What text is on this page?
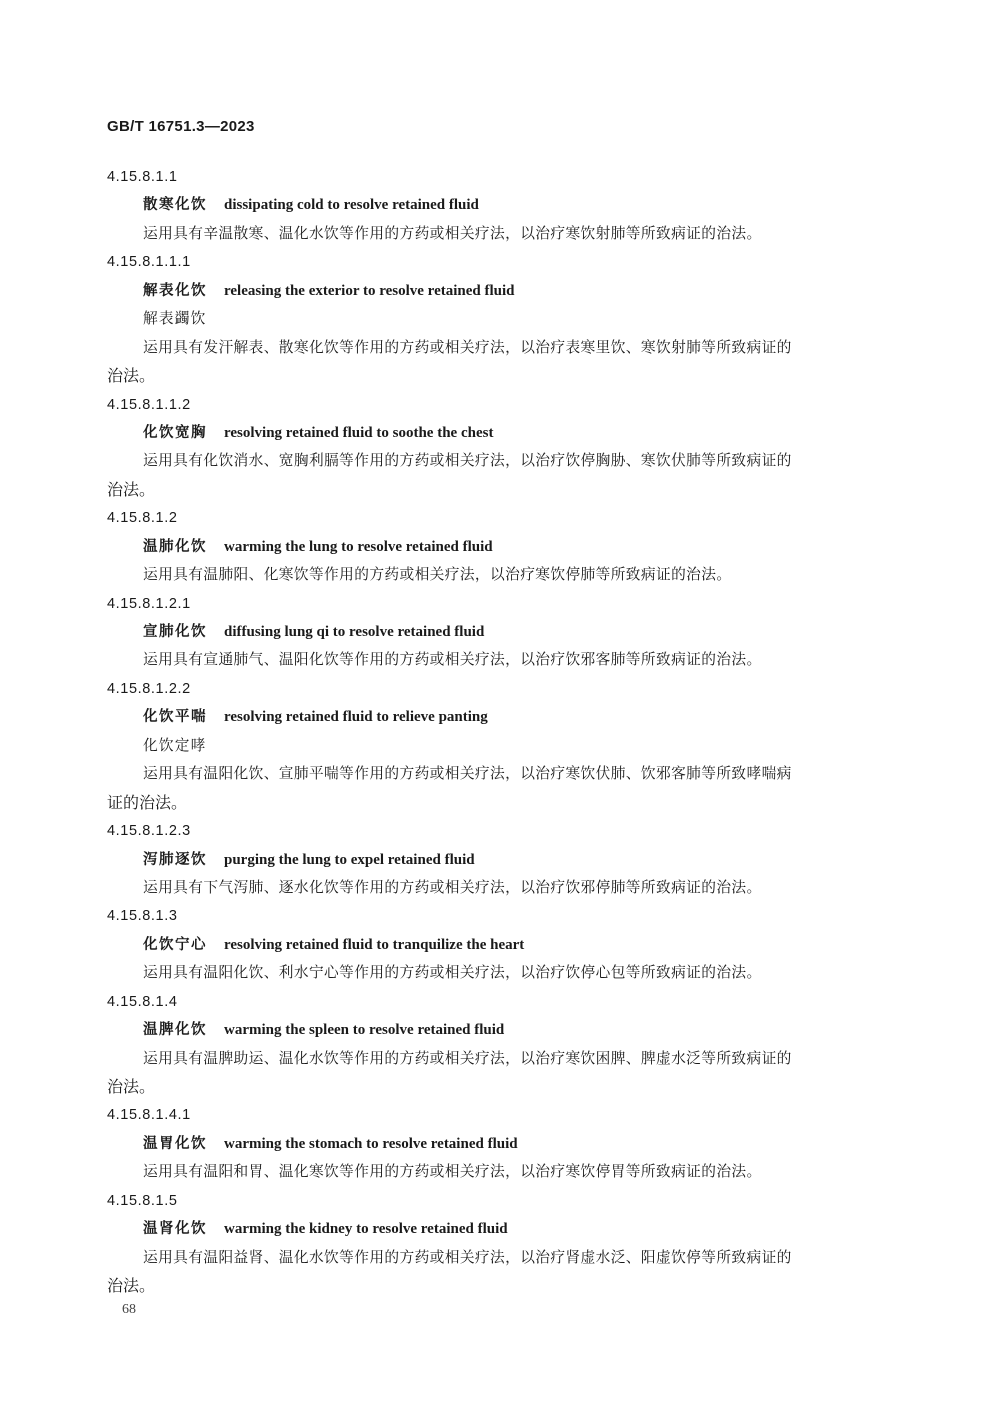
GB/T 16751.3—2023
4.15.8.1.1
散寒化饮 dissipating cold to resolve retained fluid
运用具有辛温散寒、温化水饮等作用的方药或相关疗法，以治疗寒饮射肺等所致病证的治法。
4.15.8.1.1.1
解表化饮 releasing the exterior to resolve retained fluid
解表蠲饮
运用具有发汗解表、散寒化饮等作用的方药或相关疗法，以治疗表寒里饮、寒饮射肺等所致病证的
治法。
4.15.8.1.1.2
化饮宽胸 resolving retained fluid to soothe the chest
运用具有化饮消水、宽胸利膈等作用的方药或相关疗法，以治疗饮停胸胁、寒饮伏肺等所致病证的
治法。
4.15.8.1.2
温肺化饮 warming the lung to resolve retained fluid
运用具有温肺阳、化寒饮等作用的方药或相关疗法，以治疗寒饮停肺等所致病证的治法。
4.15.8.1.2.1
宣肺化饮 diffusing lung qi to resolve retained fluid
运用具有宣通肺气、温阳化饮等作用的方药或相关疗法，以治疗饮邪客肺等所致病证的治法。
4.15.8.1.2.2
化饮平喘 resolving retained fluid to relieve panting
化饮定哮
运用具有温阳化饮、宣肺平喘等作用的方药或相关疗法，以治疗寒饮伏肺、饮邪客肺等所致哮喘病
证的治法。
4.15.8.1.2.3
泻肺逐饮 purging the lung to expel retained fluid
运用具有下气泻肺、逐水化饮等作用的方药或相关疗法，以治疗饮邪停肺等所致病证的治法。
4.15.8.1.3
化饮宁心 resolving retained fluid to tranquilize the heart
运用具有温阳化饮、利水宁心等作用的方药或相关疗法，以治疗饮停心包等所致病证的治法。
4.15.8.1.4
温脾化饮 warming the spleen to resolve retained fluid
运用具有温脾助运、温化水饮等作用的方药或相关疗法，以治疗寒饮困脾、脾虚水泛等所致病证的
治法。
4.15.8.1.4.1
温胃化饮 warming the stomach to resolve retained fluid
运用具有温阳和胃、温化寒饮等作用的方药或相关疗法，以治疗寒饮停胃等所致病证的治法。
4.15.8.1.5
温肾化饮 warming the kidney to resolve retained fluid
运用具有温阳益肾、温化水饮等作用的方药或相关疗法，以治疗肾虚水泛、阳虚饮停等所致病证的
治法。
68
